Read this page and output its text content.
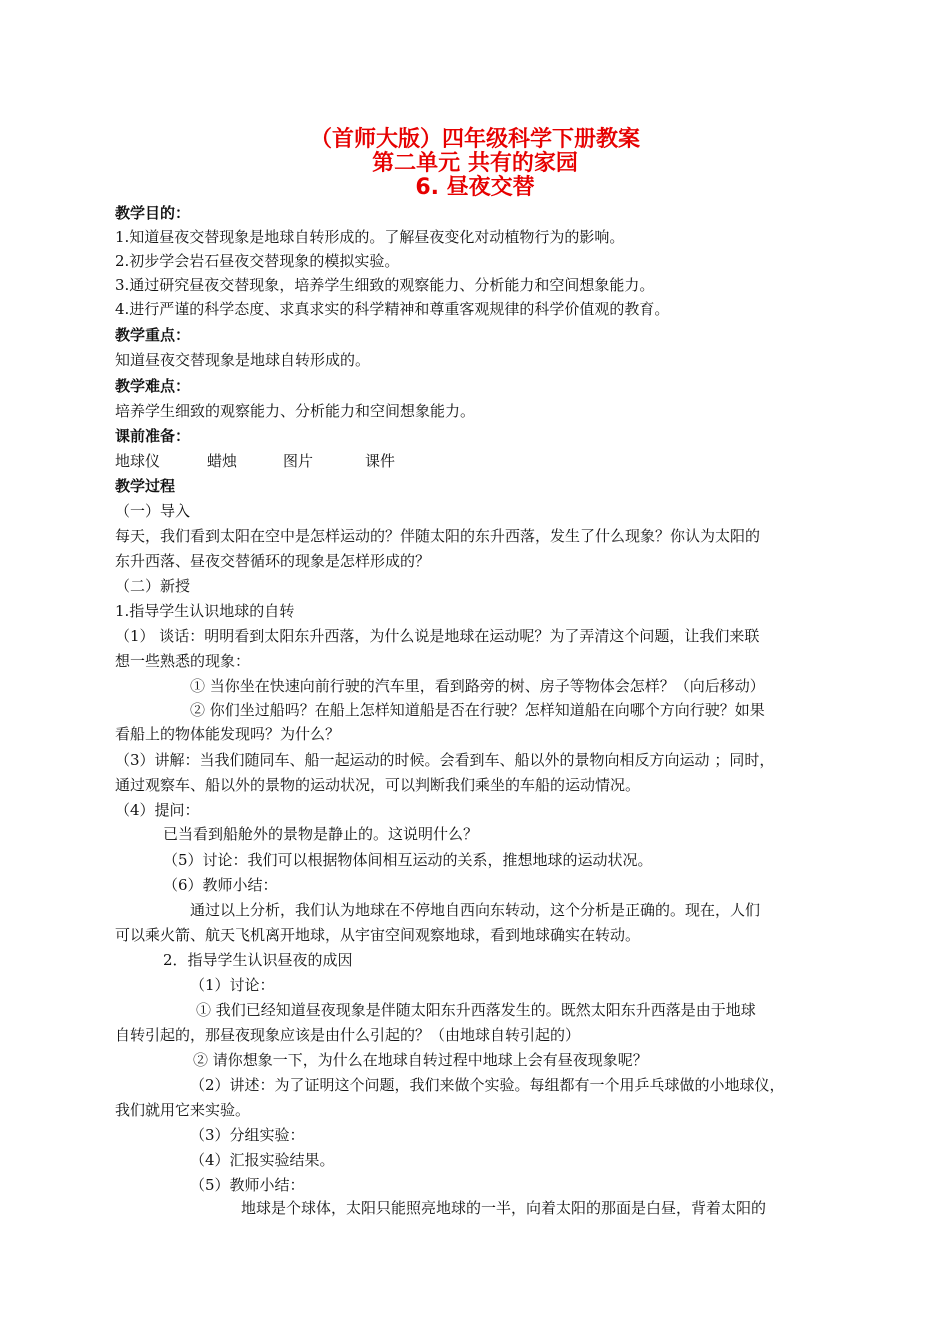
（首师大版）四年级科学下册教案
第二单元 共有的家园
6. 昼夜交替
教学目的：
1.知道昼夜交替现象是地球自转形成的。了解昼夜变化对动植物行为的影响。
2.初步学会岩石昼夜交替现象的模拟实验。
3.通过研究昼夜交替现象，培养学生细致的观察能力、分析能力和空间想象能力。
4.进行严谨的科学态度、求真求实的科学精神和尊重客观规律的科学价值观的教育。
教学重点：
知道昼夜交替现象是地球自转形成的。
教学难点：
培养学生细致的观察能力、分析能力和空间想象能力。
课前准备：
地球仪	蜡烛	图片	课件
教学过程
（一）导入
每天，我们看到太阳在空中是怎样运动的？伴随太阳的东升西落，发生了什么现象？你认为太阳的
东升西落、昼夜交替循环的现象是怎样形成的？
（二）新授
1.指导学生认识地球的自转
（1） 谈话：明明看到太阳东升西落，为什么说是地球在运动呢？为了弄清这个问题，让我们来联
想一些熟悉的现象：
① 当你坐在快速向前行驶的汽车里，看到路旁的树、房子等物体会怎样？（向后移动）
② 你们坐过船吗？在船上怎样知道船是否在行驶？怎样知道船在向哪个方向行驶？如果
看船上的物体能发现吗？为什么？
（3）讲解：当我们随同车、船一起运动的时候。会看到车、船以外的景物向相反方向运动 ；同时，
通过观察车、船以外的景物的运动状况，可以判断我们乘坐的车船的运动情况。
（4）提问：
已当看到船舱外的景物是静止的。这说明什么？
（5）讨论：我们可以根据物体间相互运动的关系，推想地球的运动状况。
（6）教师小结：
通过以上分析，我们认为地球在不停地自西向东转动，这个分析是正确的。现在，人们
可以乘火箭、航天飞机离开地球，从宇宙空间观察地球，看到地球确实在转动。
2．指导学生认识昼夜的成因
（1）讨论：
① 我们已经知道昼夜现象是伴随太阳东升西落发生的。既然太阳东升西落是由于地球
自转引起的，那昼夜现象应该是由什么引起的？（由地球自转引起的）
② 请你想象一下，为什么在地球自转过程中地球上会有昼夜现象呢？
（2）讲述：为了证明这个问题，我们来做个实验。每组都有一个用乒乓球做的小地球仪，
我们就用它来实验。
（3）分组实验：
（4）汇报实验结果。
（5）教师小结：
地球是个球体，太阳只能照亮地球的一半，向着太阳的那面是白昼，背着太阳的
